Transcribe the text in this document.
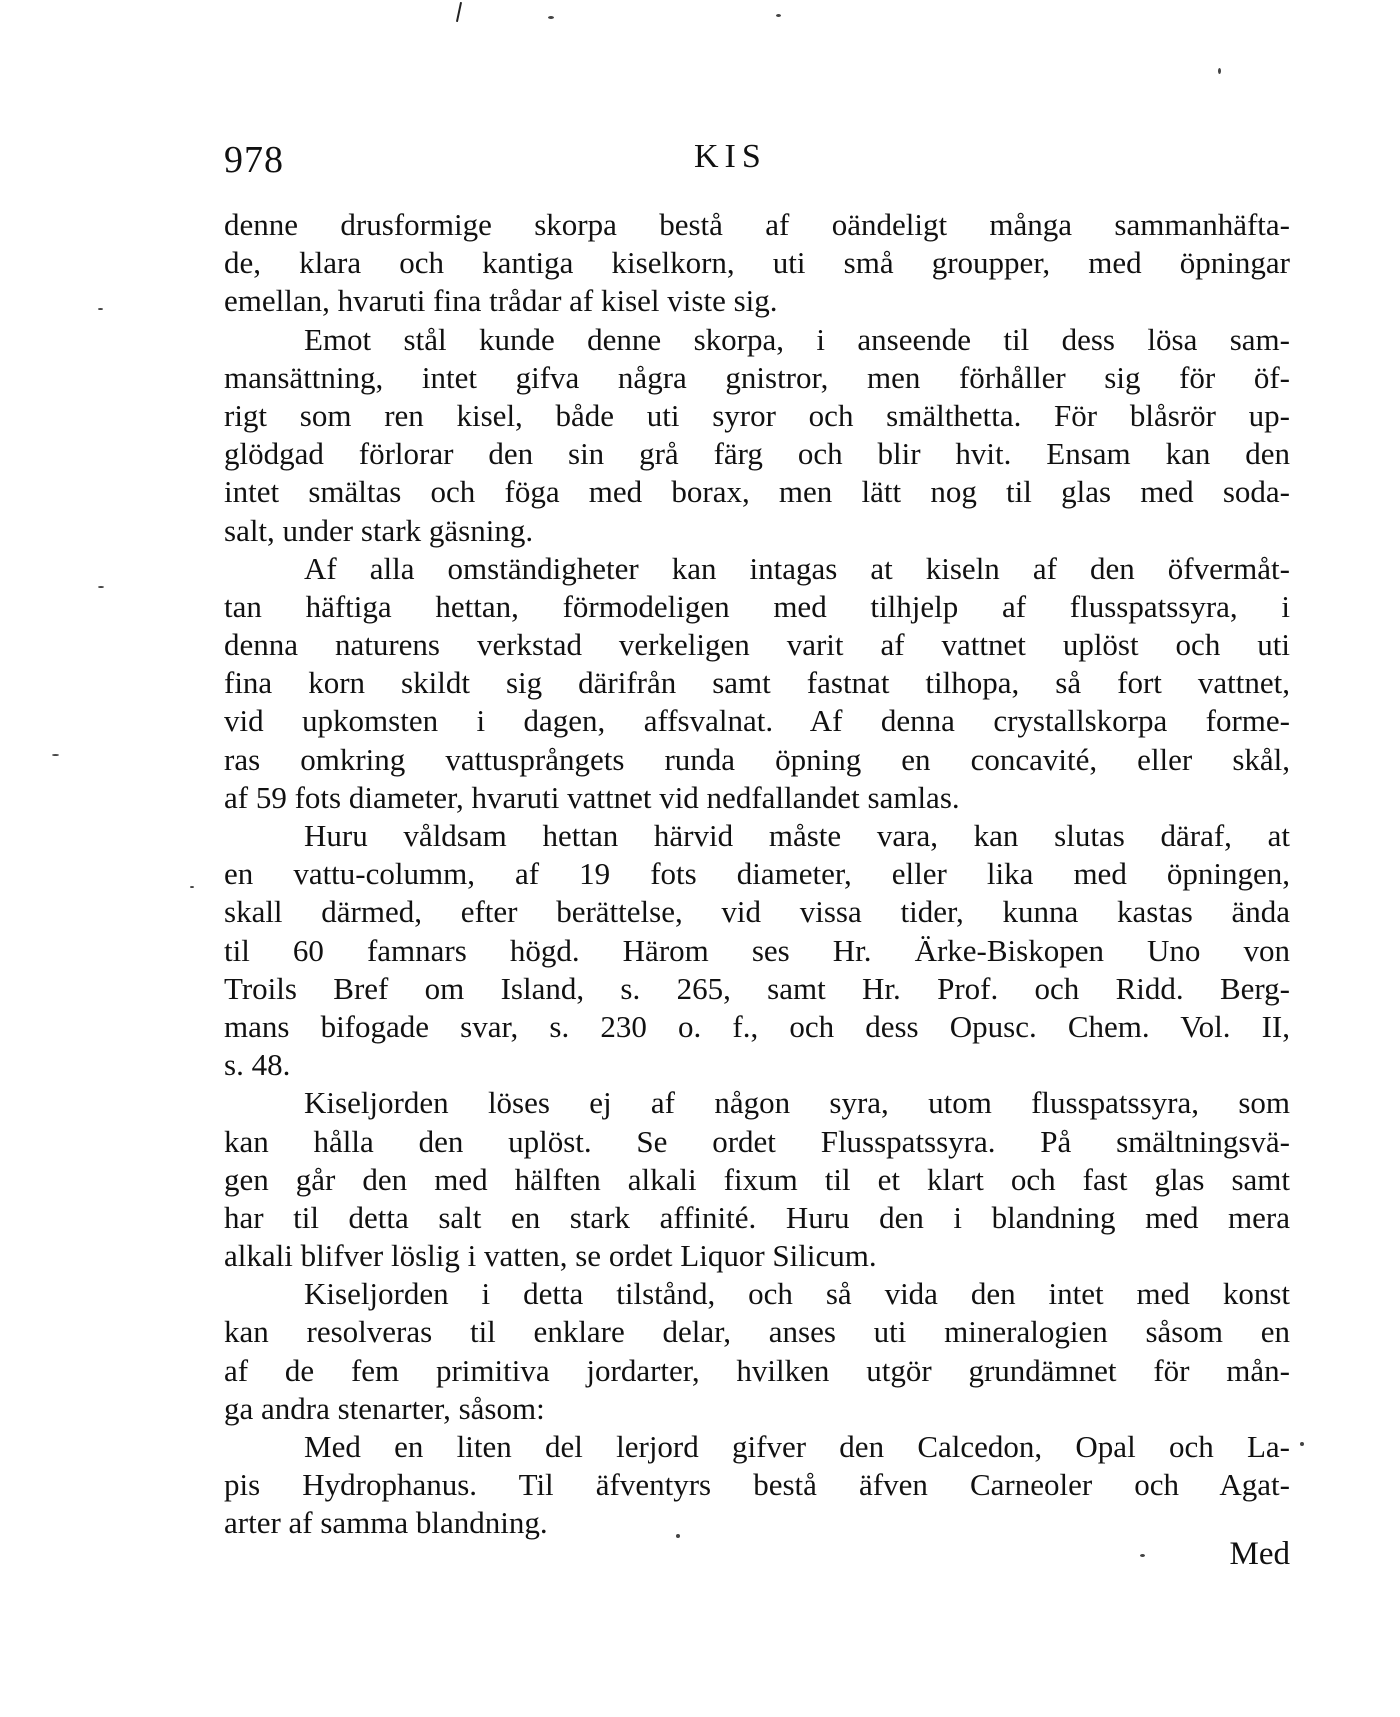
978	KIS
denne drusformige skorpa bestå af oändeligt många sammanhäfta-
de, klara och kantiga kiselkorn, uti små groupper, med öpningar
emellan, hvaruti fina trådar af kisel viste sig.
Emot stål kunde denne skorpa, i anseende til dess lösa sam-
mansättning, intet gifva några gnistror, men förhåller sig för öf-
rigt som ren kisel, både uti syror och smälthetta. För blåsrör up-
glödgad förlorar den sin grå färg och blir hvit. Ensam kan den
intet smältas och föga med borax, men lätt nog til glas med soda-
salt, under stark gäsning.
Af alla omständigheter kan intagas at kiseln af den öfvermåt-
tan häftiga hettan, förmodeligen med tilhjelp af flusspatssyra, i
denna naturens verkstad verkeligen varit af vattnet uplöst och uti
fina korn skildt sig därifrån samt fastnat tilhopa, så fort vattnet,
vid upkomsten i dagen, affsvalnat. Af denna crystallskorpa forme-
ras omkring vattusprångets runda öpning en concavité, eller skål,
af 59 fots diameter, hvaruti vattnet vid nedfallandet samlas.
Huru våldsam hettan härvid måste vara, kan slutas däraf, at
en vattu-columm, af 19 fots diameter, eller lika med öpningen,
skall därmed, efter berättelse, vid vissa tider, kunna kastas ända
til 60 famnars högd. Härom ses Hr. Ärke-Biskopen Uno von
Troils Bref om Island, s. 265, samt Hr. Prof. och Ridd. Berg-
mans bifogade svar, s. 230 o. f., och dess Opusc. Chem. Vol. II,
s. 48.
Kiseljorden löses ej af någon syra, utom flusspatssyra, som
kan hålla den uplöst. Se ordet Flusspatssyra. På smältningsvä-
gen går den med hälften alkali fixum til et klart och fast glas samt
har til detta salt en stark affinité. Huru den i blandning med mera
alkali blifver löslig i vatten, se ordet Liquor Silicum.
Kiseljorden i detta tilstånd, och så vida den intet med konst
kan resolveras til enklare delar, anses uti mineralogien såsom en
af de fem primitiva jordarter, hvilken utgör grundämnet för mån-
ga andra stenarter, såsom:
Med en liten del lerjord gifver den Calcedon, Opal och La-
pis Hydrophanus. Til äfventyrs bestå äfven Carneoler och Agat-
arter af samma blandning.
Med
